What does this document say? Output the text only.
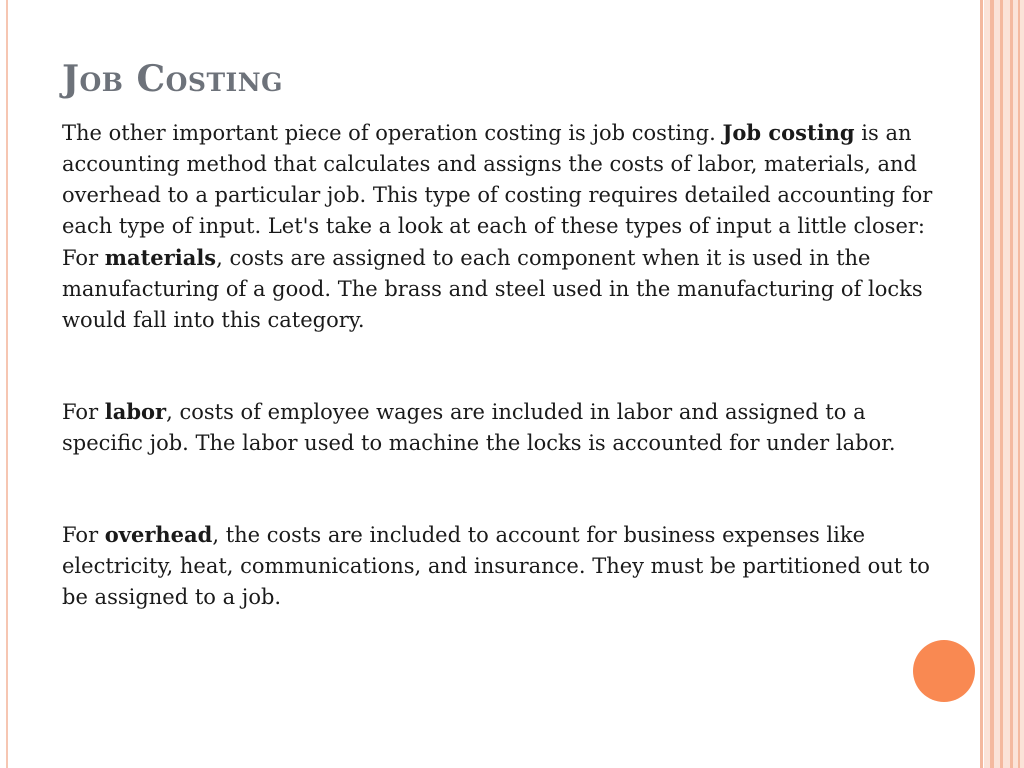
Job Costing

The other important piece of operation costing is job costing. Job costing is an accounting method that calculates and assigns the costs of labor, materials, and overhead to a particular job. This type of costing requires detailed accounting for each type of input. Let's take a look at each of these types of input a little closer:

For materials, costs are assigned to each component when it is used in the manufacturing of a good. The brass and steel used in the manufacturing of locks would fall into this category.

For labor, costs of employee wages are included in labor and assigned to a specific job. The labor used to machine the locks is accounted for under labor.

For overhead, the costs are included to account for business expenses like electricity, heat, communications, and insurance. They must be partitioned out to be assigned to a job.
